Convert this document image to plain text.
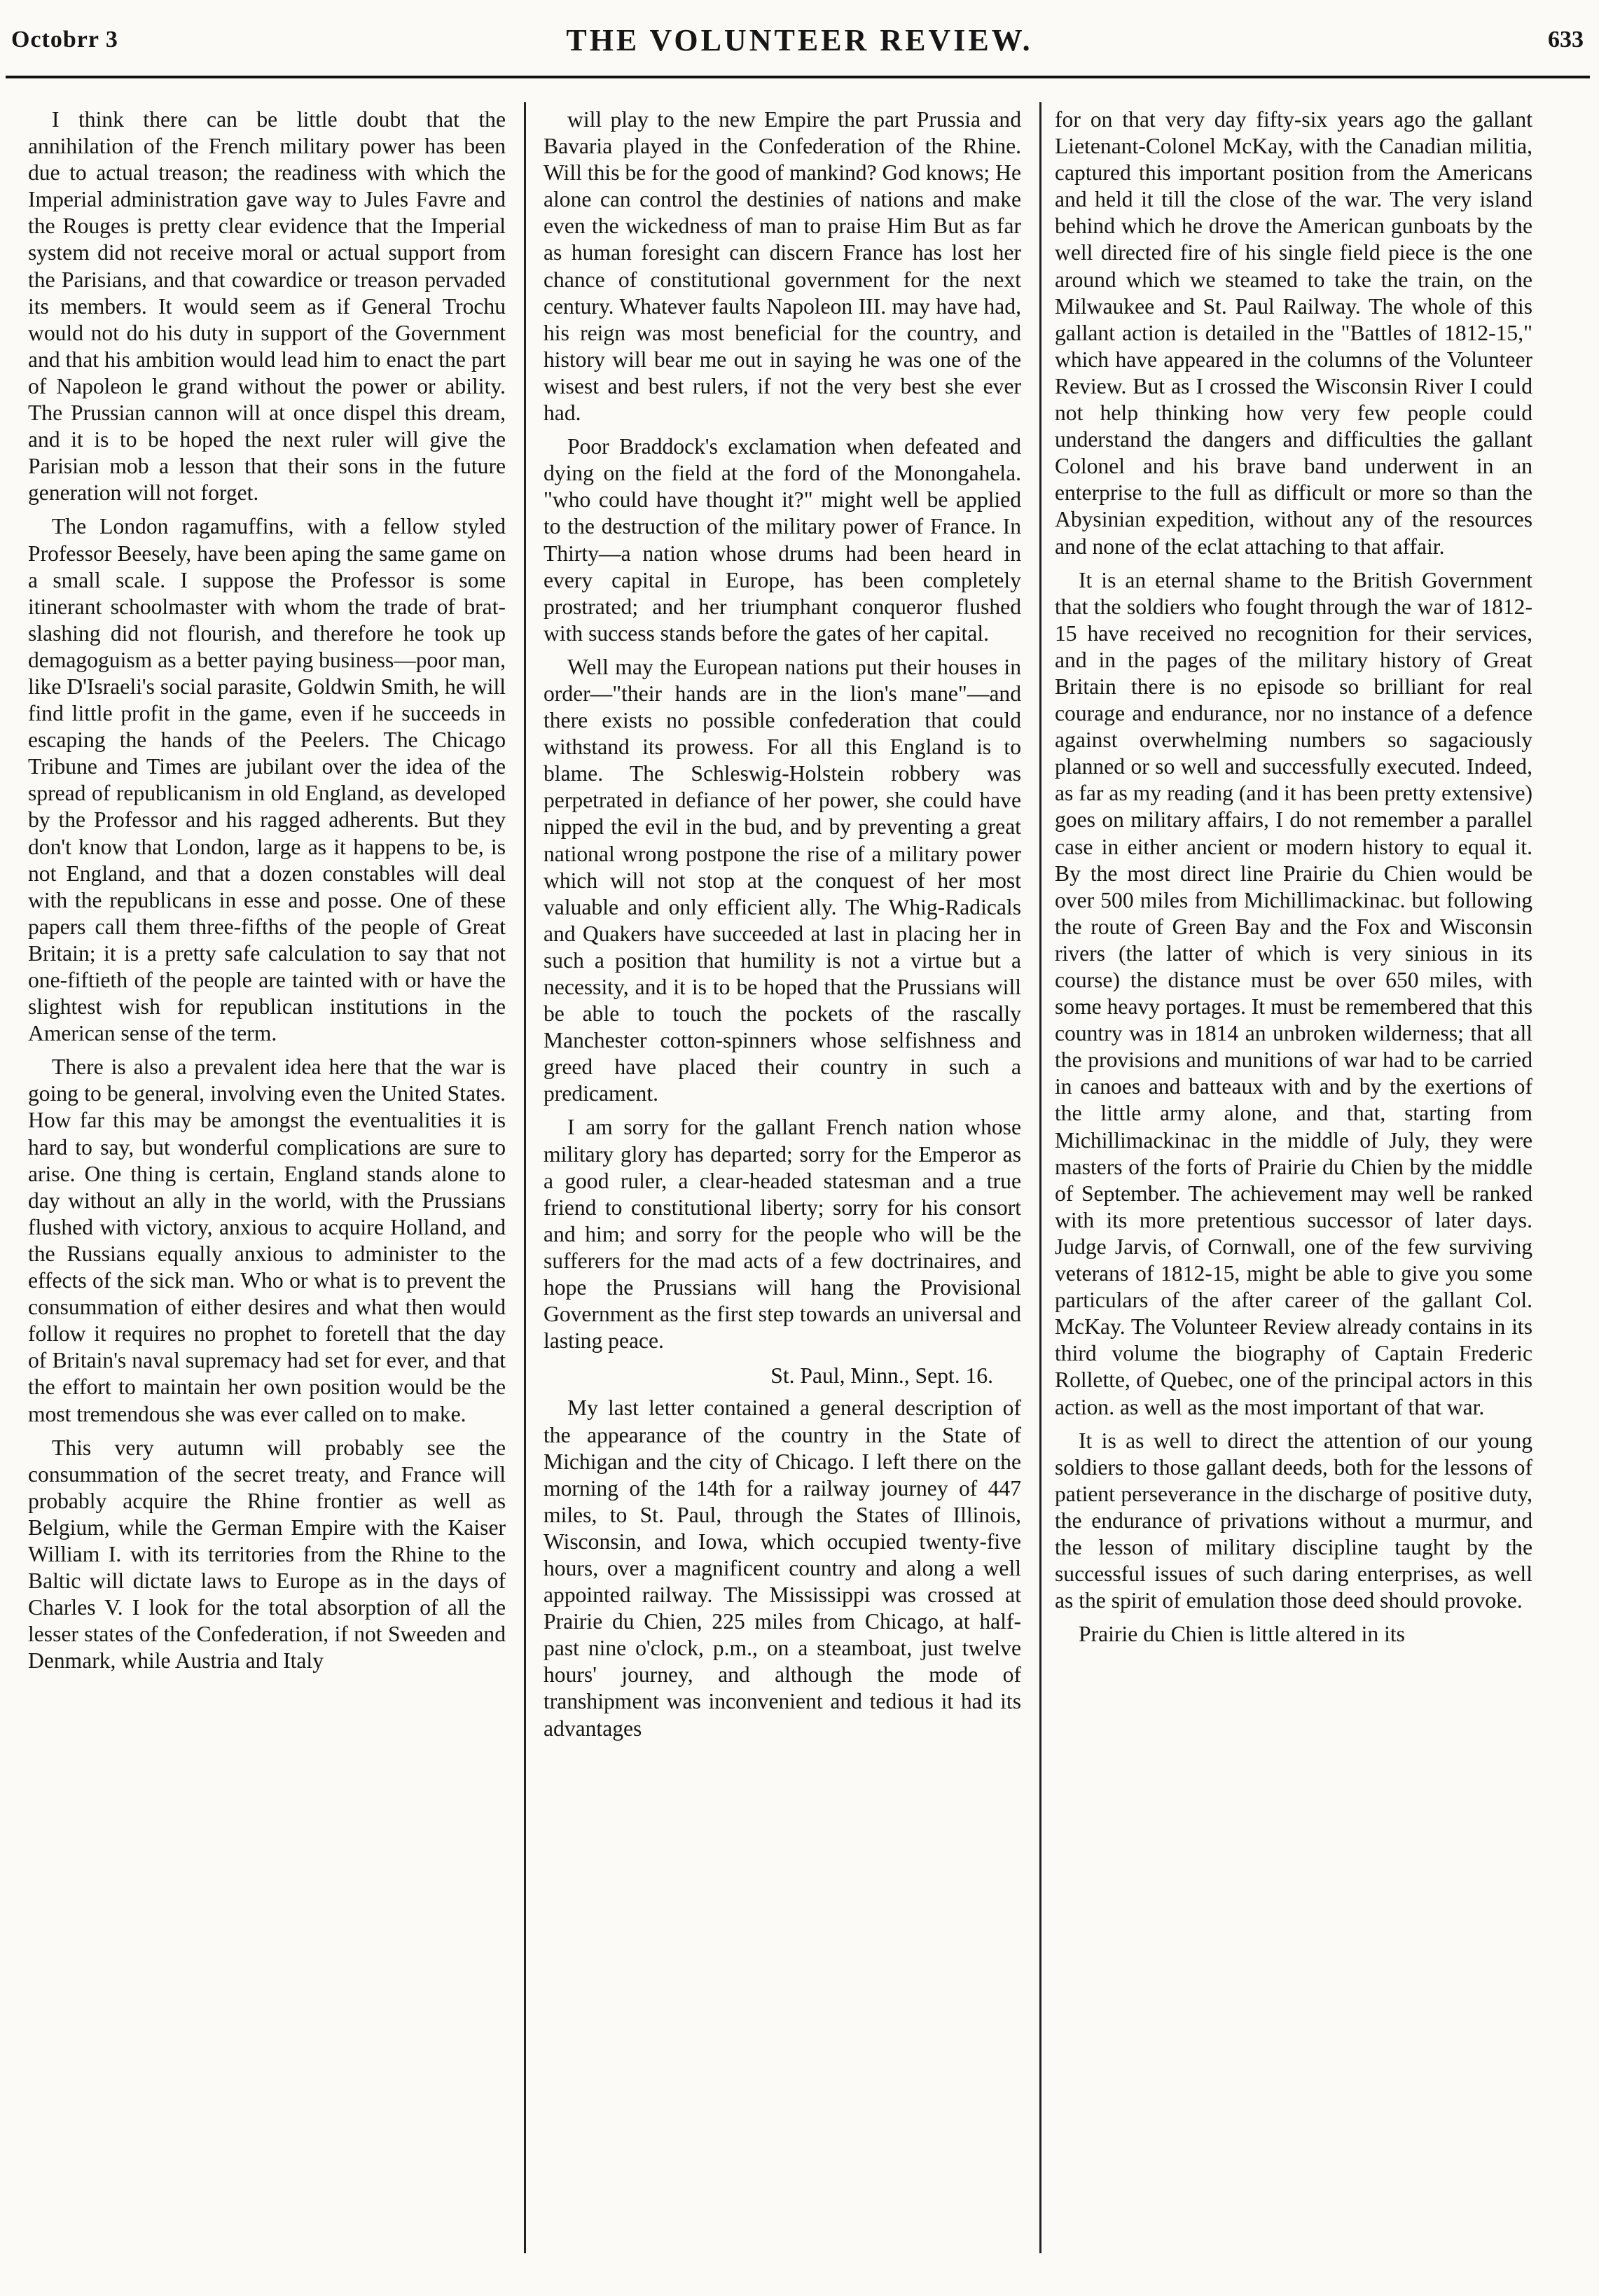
Octobrr 3	THE VOLUNTEER REVIEW.	633

I think there can be little doubt that the annihilation of the French military power has been due to actual treason; the readiness with which the Imperial administration gave way to Jules Favre and the Rouges is pretty clear evidence that the Imperial system did not receive moral or actual support from the Parisians, and that cowardice or treason pervaded its members. It would seem as if General Trochu would not do his duty in support of the Government and that his ambition would lead him to enact the part of Napoleon le grand without the power or ability. The Prussian cannon will at once dispel this dream, and it is to be hoped the next ruler will give the Parisian mob a lesson that their sons in the future generation will not forget.

The London ragamuffins, with a fellow styled Professor Beesely, have been aping the same game on a small scale. I suppose the Professor is some itinerant schoolmaster with whom the trade of brat-slashing did not flourish, and therefore he took up demagoguism as a better paying business—poor man, like D'Israeli's social parasite, Goldwin Smith, he will find little profit in the game, even if he succeeds in escaping the hands of the Peelers. The Chicago Tribune and Times are jubilant over the idea of the spread of republicanism in old England, as developed by the Professor and his ragged adherents. But they don't know that London, large as it happens to be, is not England, and that a dozen constables will deal with the republicans in esse and posse. One of these papers call them three-fifths of the people of Great Britain; it is a pretty safe calculation to say that not one-fiftieth of the people are tainted with or have the slightest wish for republican institutions in the American sense of the term.

There is also a prevalent idea here that the war is going to be general, involving even the United States. How far this may be amongst the eventualities it is hard to say, but wonderful complications are sure to arise. One thing is certain, England stands alone to day without an ally in the world, with the Prussians flushed with victory, anxious to acquire Holland, and the Russians equally anxious to administer to the effects of the sick man. Who or what is to prevent the consummation of either desires and what then would follow it requires no prophet to foretell that the day of Britain's naval supremacy had set for ever, and that the effort to maintain her own position would be the most tremendous she was ever called on to make.

This very autumn will probably see the consummation of the secret treaty, and France will probably acquire the Rhine frontier as well as Belgium, while the German Empire with the Kaiser William I. with its territories from the Rhine to the Baltic will dictate laws to Europe as in the days of Charles V. I look for the total absorption of all the lesser states of the Confederation, if not Sweeden and Denmark, while Austria and Italy

will play to the new Empire the part Prussia and Bavaria played in the Confederation of the Rhine. Will this be for the good of mankind? God knows; He alone can control the destinies of nations and make even the wickedness of man to praise Him But as far as human foresight can discern France has lost her chance of constitutional government for the next century. Whatever faults Napoleon III. may have had, his reign was most beneficial for the country, and history will bear me out in saying he was one of the wisest and best rulers, if not the very best she ever had.

Poor Braddock's exclamation when defeated and dying on the field at the ford of the Monongahela. "who could have thought it?" might well be applied to the destruction of the military power of France. In Thirty—a nation whose drums had been heard in every capital in Europe, has been completely prostrated; and her triumphant conqueror flushed with success stands before the gates of her capital.

Well may the European nations put their houses in order—"their hands are in the lion's mane"—and there exists no possible confederation that could withstand its prowess. For all this England is to blame. The Schleswig-Holstein robbery was perpetrated in defiance of her power, she could have nipped the evil in the bud, and by preventing a great national wrong postpone the rise of a military power which will not stop at the conquest of her most valuable and only efficient ally. The Whig-Radicals and Quakers have succeeded at last in placing her in such a position that humility is not a virtue but a necessity, and it is to be hoped that the Prussians will be able to touch the pockets of the rascally Manchester cotton-spinners whose selfishness and greed have placed their country in such a predicament.

I am sorry for the gallant French nation whose military glory has departed; sorry for the Emperor as a good ruler, a clear-headed statesman and a true friend to constitutional liberty; sorry for his consort and him; and sorry for the people who will be the sufferers for the mad acts of a few doctrinaires, and hope the Prussians will hang the Provisional Government as the first step towards an universal and lasting peace.

St. Paul, Minn., Sept. 16.

My last letter contained a general description of the appearance of the country in the State of Michigan and the city of Chicago. I left there on the morning of the 14th for a railway journey of 447 miles, to St. Paul, through the States of Illinois, Wisconsin, and Iowa, which occupied twenty-five hours, over a magnificent country and along a well appointed railway. The Mississippi was crossed at Prairie du Chien, 225 miles from Chicago, at half-past nine o'clock, p.m., on a steamboat, just twelve hours' journey, and although the mode of transhipment was inconvenient and tedious it had its advantages

for on that very day fifty-six years ago the gallant Lietenant-Colonel McKay, with the Canadian militia, captured this important position from the Americans and held it till the close of the war. The very island behind which he drove the American gunboats by the well directed fire of his single field piece is the one around which we steamed to take the train, on the Milwaukee and St. Paul Railway. The whole of this gallant action is detailed in the "Battles of 1812-15," which have appeared in the columns of the Volunteer Review. But as I crossed the Wisconsin River I could not help thinking how very few people could understand the dangers and difficulties the gallant Colonel and his brave band underwent in an enterprise to the full as difficult or more so than the Abysinian expedition, without any of the resources and none of the eclat attaching to that affair.

It is an eternal shame to the British Government that the soldiers who fought through the war of 1812-15 have received no recognition for their services, and in the pages of the military history of Great Britain there is no episode so brilliant for real courage and endurance, nor no instance of a defence against overwhelming numbers so sagaciously planned or so well and successfully executed. Indeed, as far as my reading (and it has been pretty extensive) goes on military affairs, I do not remember a parallel case in either ancient or modern history to equal it. By the most direct line Prairie du Chien would be over 500 miles from Michillimackinac. but following the route of Green Bay and the Fox and Wisconsin rivers (the latter of which is very sinious in its course) the distance must be over 650 miles, with some heavy portages. It must be remembered that this country was in 1814 an unbroken wilderness; that all the provisions and munitions of war had to be carried in canoes and batteaux with and by the exertions of the little army alone, and that, starting from Michillimackinac in the middle of July, they were masters of the forts of Prairie du Chien by the middle of September. The achievement may well be ranked with its more pretentious successor of later days. Judge Jarvis, of Cornwall, one of the few surviving veterans of 1812-15, might be able to give you some particulars of the after career of the gallant Col. McKay. The Volunteer Review already contains in its third volume the biography of Captain Frederic Rollette, of Quebec, one of the principal actors in this action. as well as the most important of that war.

It is as well to direct the attention of our young soldiers to those gallant deeds, both for the lessons of patient perseverance in the discharge of positive duty, the endurance of privations without a murmur, and the lesson of military discipline taught by the successful issues of such daring enterprises, as well as the spirit of emulation those deed should provoke.

Prairie du Chien is little altered in its
